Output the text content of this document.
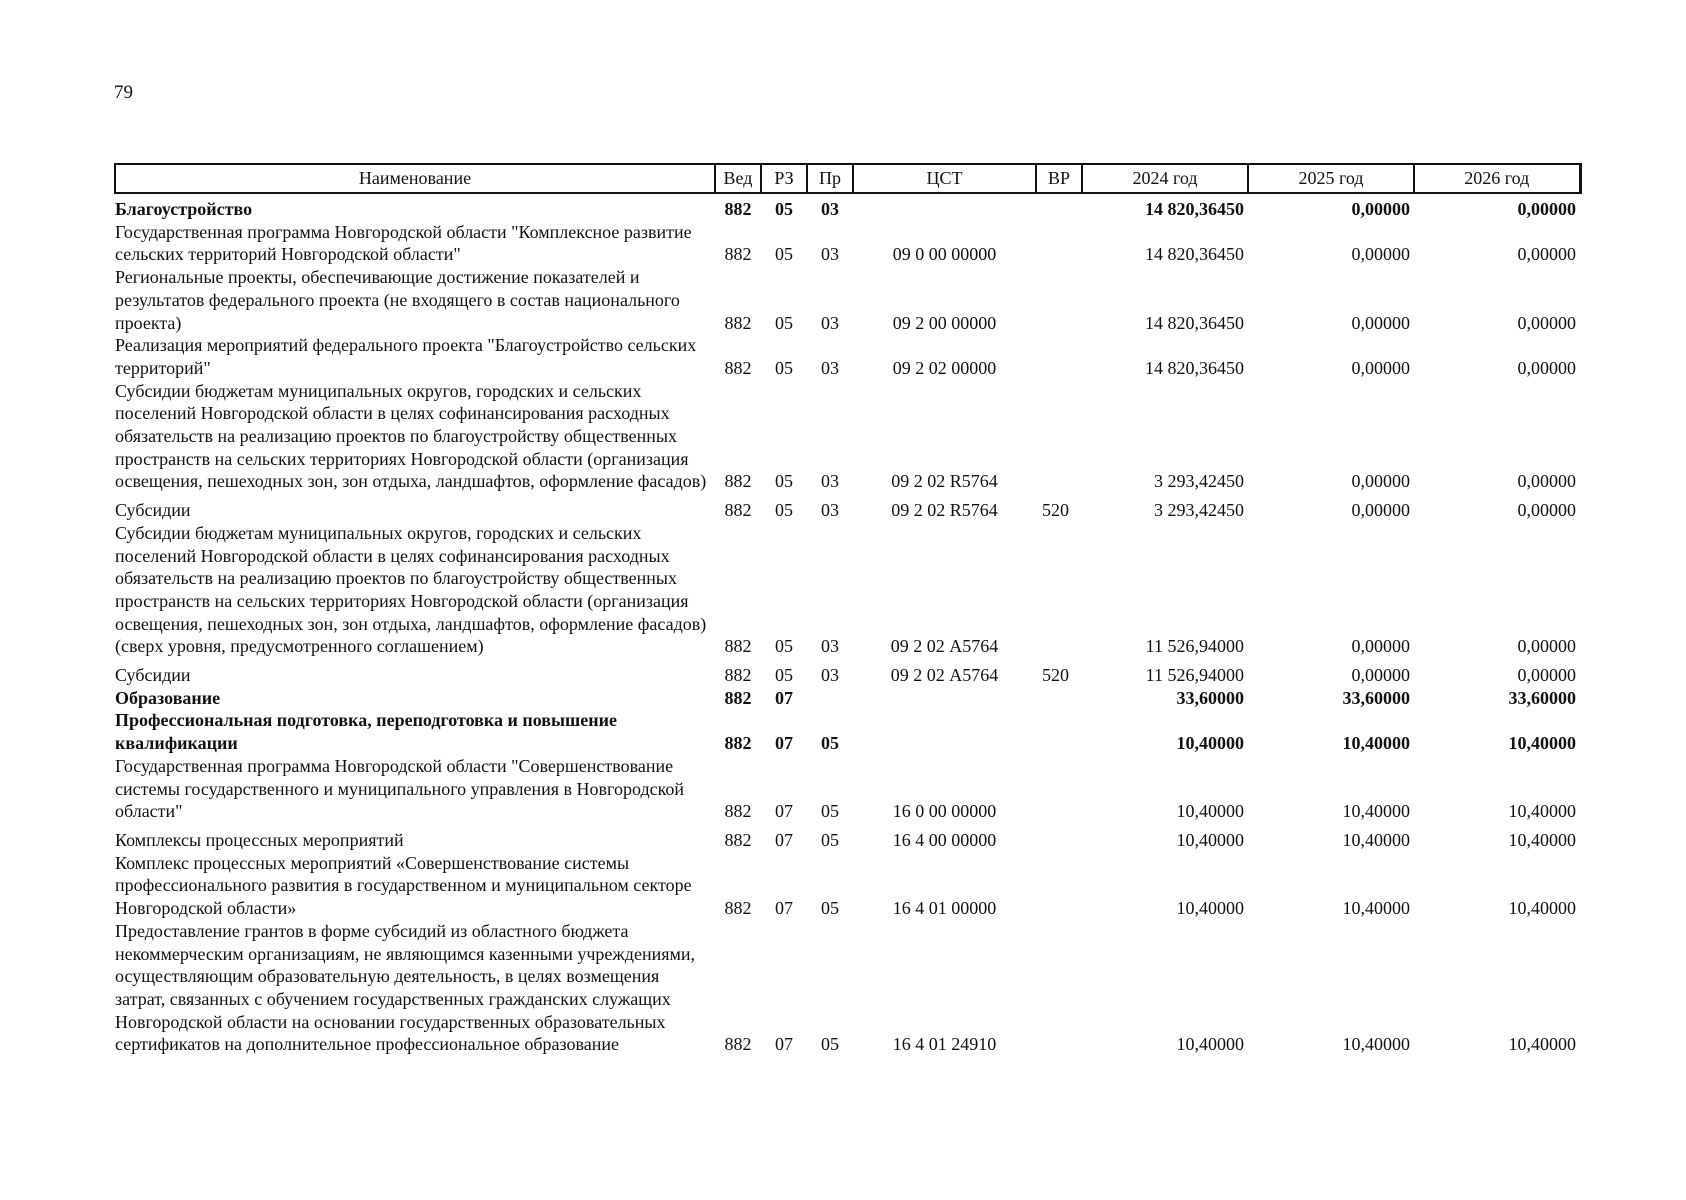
79
Наименование	Вед	РЗ	Пр	ЦСТ	ВР	2024 год	2025 год	2026 год
Благоустройство	882	05	03			14 820,36450	0,00000	0,00000
Государственная программа Новгородской области "Комплексное развитие сельских территорий Новгородской области"	882	05	03	09 0 00 00000		14 820,36450	0,00000	0,00000
Региональные проекты, обеспечивающие достижение показателей и результатов федерального проекта (не входящего в состав национального проекта)	882	05	03	09 2 00 00000		14 820,36450	0,00000	0,00000
Реализация мероприятий федерального проекта "Благоустройство сельских территорий"	882	05	03	09 2 02 00000		14 820,36450	0,00000	0,00000
Субсидии бюджетам муниципальных округов, городских и сельских поселений Новгородской области в целях софинансирования расходных обязательств на реализацию проектов по благоустройству общественных пространств на сельских территориях Новгородской области (организация освещения, пешеходных зон, зон отдыха, ландшафтов, оформление фасадов)	882	05	03	09 2 02 R5764		3 293,42450	0,00000	0,00000
Субсидии	882	05	03	09 2 02 R5764	520	3 293,42450	0,00000	0,00000
Субсидии бюджетам муниципальных округов, городских и сельских поселений Новгородской области в целях софинансирования расходных обязательств на реализацию проектов по благоустройству общественных пространств на сельских территориях Новгородской области (организация освещения, пешеходных зон, зон отдыха, ландшафтов, оформление фасадов) (сверх уровня, предусмотренного соглашением)	882	05	03	09 2 02 А5764		11 526,94000	0,00000	0,00000
Субсидии	882	05	03	09 2 02 А5764	520	11 526,94000	0,00000	0,00000
Образование	882	07				33,60000	33,60000	33,60000
Профессиональная подготовка, переподготовка и повышение квалификации	882	07	05			10,40000	10,40000	10,40000
Государственная программа Новгородской области "Совершенствование системы государственного и муниципального управления в Новгородской области"	882	07	05	16 0 00 00000		10,40000	10,40000	10,40000
Комплексы процессных мероприятий	882	07	05	16 4 00 00000		10,40000	10,40000	10,40000
Комплекс процессных мероприятий «Совершенствование системы профессионального развития в государственном и муниципальном секторе Новгородской области»	882	07	05	16 4 01 00000		10,40000	10,40000	10,40000
Предоставление грантов в форме субсидий из областного бюджета некоммерческим организациям, не являющимся казенными учреждениями, осуществляющим образовательную деятельность, в целях возмещения затрат, связанных с обучением государственных гражданских служащих Новгородской области на основании государственных образовательных сертификатов на дополнительное профессиональное образование	882	07	05	16 4 01 24910		10,40000	10,40000	10,40000
